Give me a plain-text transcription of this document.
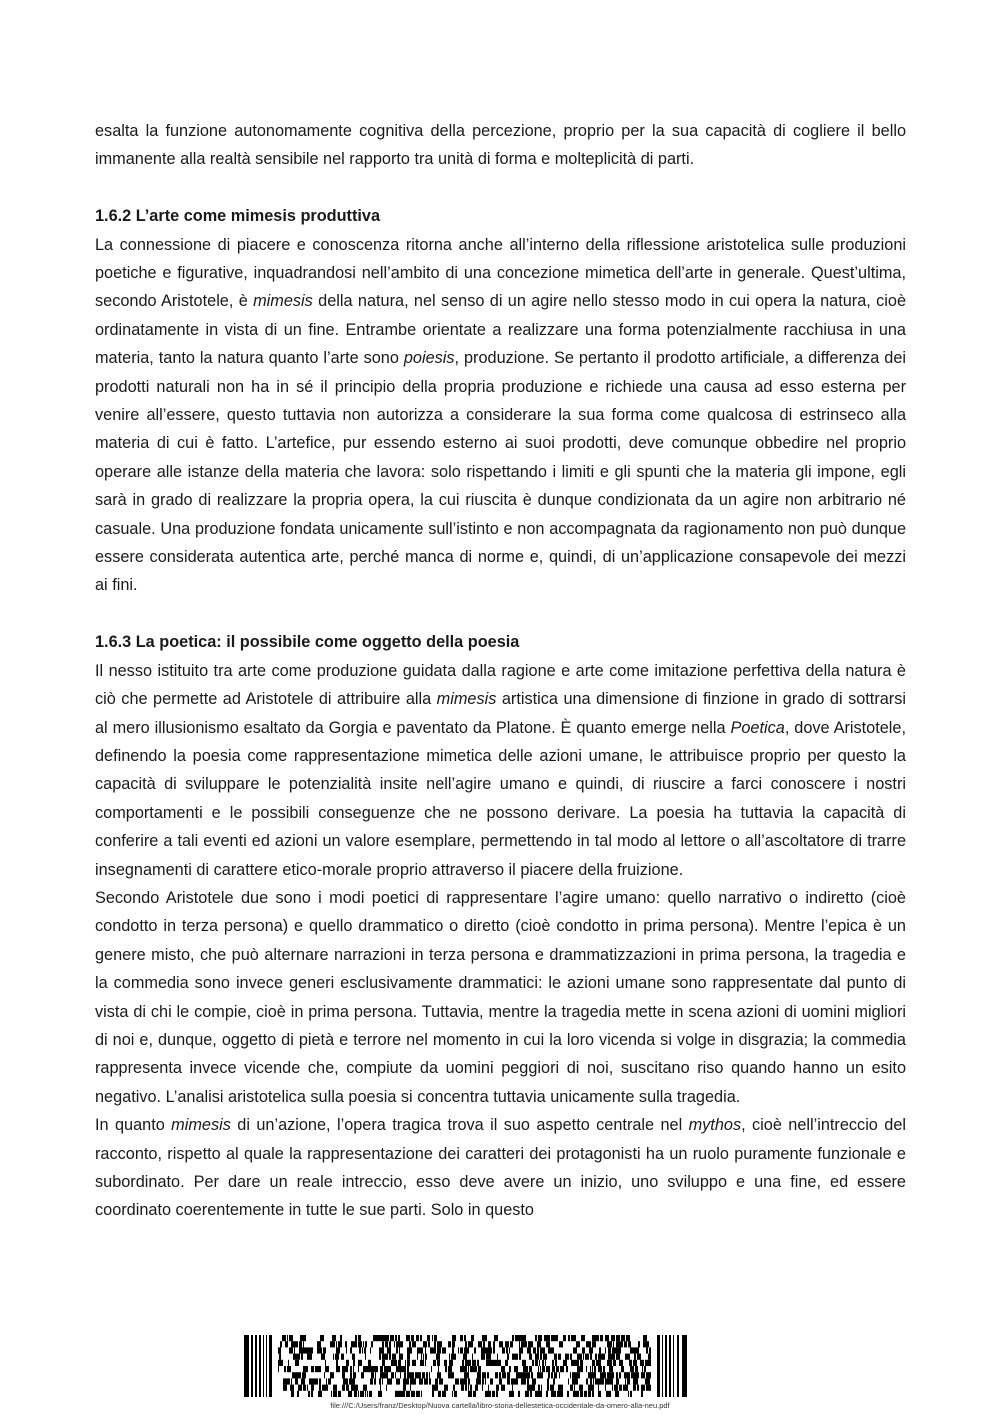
esalta la funzione autonomamente cognitiva della percezione, proprio per la sua capacità di cogliere il bello immanente alla realtà sensibile nel rapporto tra unità di forma e molteplicità di parti.

1.6.2 L’arte come mimesis produttiva

La connessione di piacere e conoscenza ritorna anche all’interno della riflessione aristotelica sulle produzioni poetiche e figurative, inquadrandosi nell’ambito di una concezione mimetica dell’arte in generale. Quest’ultima, secondo Aristotele, è mimesis della natura, nel senso di un agire nello stesso modo in cui opera la natura, cioè ordinatamente in vista di un fine. Entrambe orientate a realizzare una forma potenzialmente racchiusa in una materia, tanto la natura quanto l’arte sono poiesis, produzione. Se pertanto il prodotto artificiale, a differenza dei prodotti naturali non ha in sé il principio della propria produzione e richiede una causa ad esso esterna per venire all’essere, questo tuttavia non autorizza a considerare la sua forma come qualcosa di estrinseco alla materia di cui è fatto. L’artefice, pur essendo esterno ai suoi prodotti, deve comunque obbedire nel proprio operare alle istanze della materia che lavora: solo rispettando i limiti e gli spunti che la materia gli impone, egli sarà in grado di realizzare la propria opera, la cui riuscita è dunque condizionata da un agire non arbitrario né casuale. Una produzione fondata unicamente sull’istinto e non accompagnata da ragionamento non può dunque essere considerata autentica arte, perché manca di norme e, quindi, di un’applicazione consapevole dei mezzi ai fini.

1.6.3 La poetica: il possibile come oggetto della poesia

Il nesso istituito tra arte come produzione guidata dalla ragione e arte come imitazione perfettiva della natura è ciò che permette ad Aristotele di attribuire alla mimesis artistica una dimensione di finzione in grado di sottrarsi al mero illusionismo esaltato da Gorgia e paventato da Platone. È quanto emerge nella Poetica, dove Aristotele, definendo la poesia come rappresentazione mimetica delle azioni umane, le attribuisce proprio per questo la capacità di sviluppare le potenzialità insite nell’agire umano e quindi, di riuscire a farci conoscere i nostri comportamenti e le possibili conseguenze che ne possono derivare. La poesia ha tuttavia la capacità di conferire a tali eventi ed azioni un valore esemplare, permettendo in tal modo al lettore o all’ascoltatore di trarre insegnamenti di carattere etico-morale proprio attraverso il piacere della fruizione.

Secondo Aristotele due sono i modi poetici di rappresentare l’agire umano: quello narrativo o indiretto (cioè condotto in terza persona) e quello drammatico o diretto (cioè condotto in prima persona). Mentre l’epica è un genere misto, che può alternare narrazioni in terza persona e drammatizzazioni in prima persona, la tragedia e la commedia sono invece generi esclusivamente drammatici: le azioni umane sono rappresentate dal punto di vista di chi le compie, cioè in prima persona. Tuttavia, mentre la tragedia mette in scena azioni di uomini migliori di noi e, dunque, oggetto di pietà e terrore nel momento in cui la loro vicenda si volge in disgrazia; la commedia rappresenta invece vicende che, compiute da uomini peggiori di noi, suscitano riso quando hanno un esito negativo. L’analisi aristotelica sulla poesia si concentra tuttavia unicamente sulla tragedia.

In quanto mimesis di un’azione, l’opera tragica trova il suo aspetto centrale nel mythos, cioè nell’intreccio del racconto, rispetto al quale la rappresentazione dei caratteri dei protagonisti ha un ruolo puramente funzionale e subordinato. Per dare un reale intreccio, esso deve avere un inizio, uno sviluppo e una fine, ed essere coordinato coerentemente in tutte le sue parti. Solo in questo

file:///C:/Users/franz/Desktop/Nuova cartella/libro-storia-dellestetica-occidentale-da-omero-alla-neu.pdf
